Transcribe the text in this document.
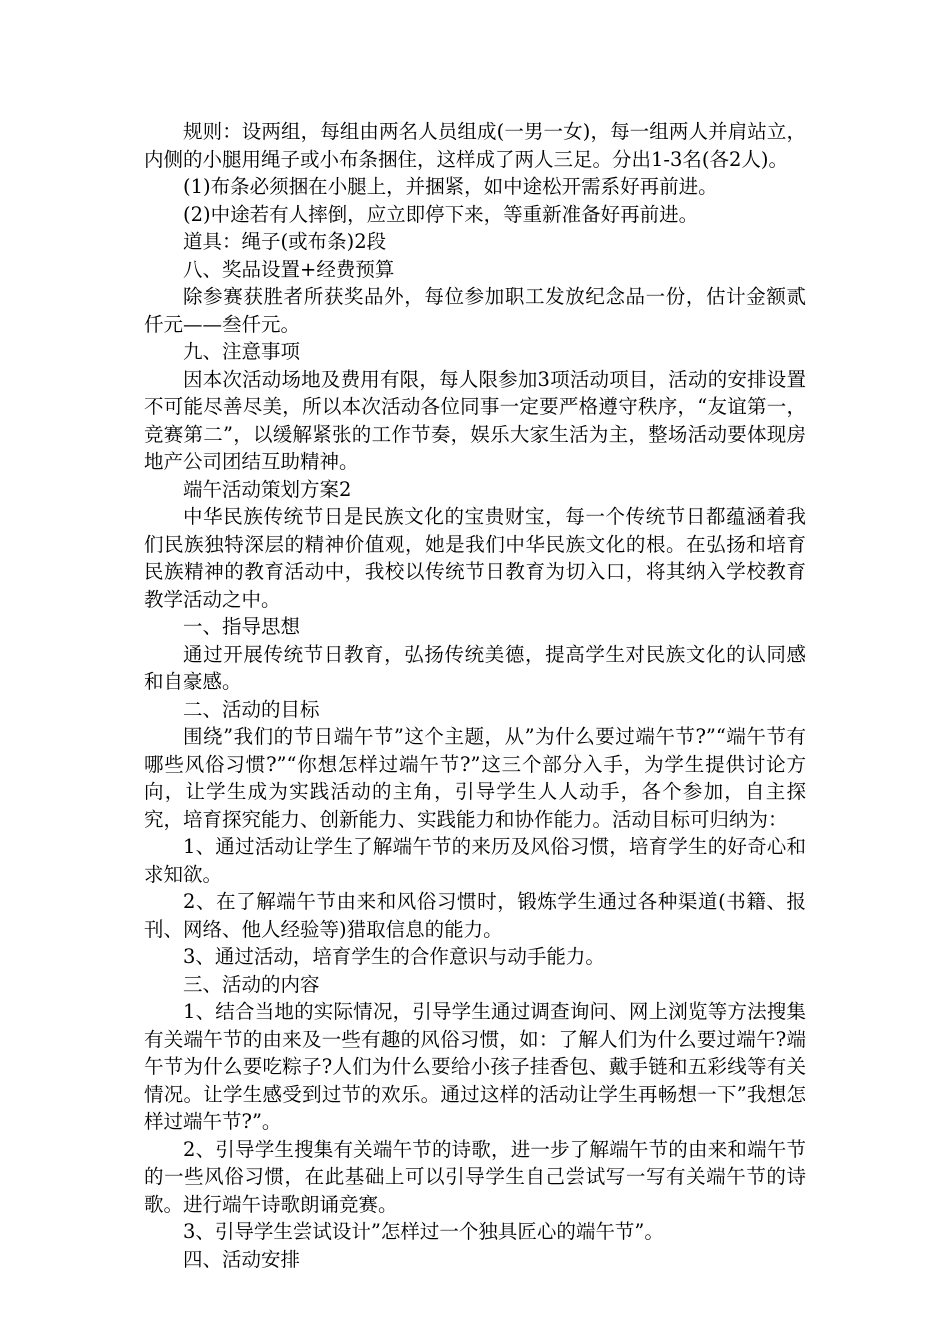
规则：设两组，每组由两名人员组成(一男一女)，每一组两人并肩站立，内侧的小腿用绳子或小布条捆住，这样成了两人三足。分出1-3名(各2人)。

(1)布条必须捆在小腿上，并捆紧，如中途松开需系好再前进。

(2)中途若有人摔倒，应立即停下来，等重新准备好再前进。

道具：绳子(或布条)2段

八、奖品设置+经费预算

除参赛获胜者所获奖品外，每位参加职工发放纪念品一份，估计金额贰仟元——叁仟元。

九、注意事项

因本次活动场地及费用有限，每人限参加3项活动项目，活动的安排设置不可能尽善尽美，所以本次活动各位同事一定要严格遵守秩序，“友谊第一，竞赛第二”，以缓解紧张的工作节奏，娱乐大家生活为主，整场活动要体现房地产公司团结互助精神。

端午活动策划方案2

中华民族传统节日是民族文化的宝贵财宝，每一个传统节日都蕴涵着我们民族独特深层的精神价值观，她是我们中华民族文化的根。在弘扬和培育民族精神的教育活动中，我校以传统节日教育为切入口，将其纳入学校教育教学活动之中。

一、指导思想

通过开展传统节日教育，弘扬传统美德，提高学生对民族文化的认同感和自豪感。

二、活动的目标

围绕”我们的节日端午节”这个主题，从”为什么要过端午节?”“端午节有哪些风俗习惯?”“你想怎样过端午节?”这三个部分入手，为学生提供讨论方向，让学生成为实践活动的主角，引导学生人人动手，各个参加，自主探究，培育探究能力、创新能力、实践能力和协作能力。活动目标可归纳为：

1、通过活动让学生了解端午节的来历及风俗习惯，培育学生的好奇心和求知欲。

2、在了解端午节由来和风俗习惯时，锻炼学生通过各种渠道(书籍、报刊、网络、他人经验等)猎取信息的能力。

3、通过活动，培育学生的合作意识与动手能力。

三、活动的内容

1、结合当地的实际情况，引导学生通过调查询问、网上浏览等方法搜集有关端午节的由来及一些有趣的风俗习惯，如：了解人们为什么要过端午?端午节为什么要吃粽子?人们为什么要给小孩子挂香包、戴手链和五彩线等有关情况。让学生感受到过节的欢乐。通过这样的活动让学生再畅想一下”我想怎样过端午节?”。

2、引导学生搜集有关端午节的诗歌，进一步了解端午节的由来和端午节的一些风俗习惯，在此基础上可以引导学生自己尝试写一写有关端午节的诗歌。进行端午诗歌朗诵竞赛。

3、引导学生尝试设计”怎样过一个独具匠心的端午节”。

四、活动安排
